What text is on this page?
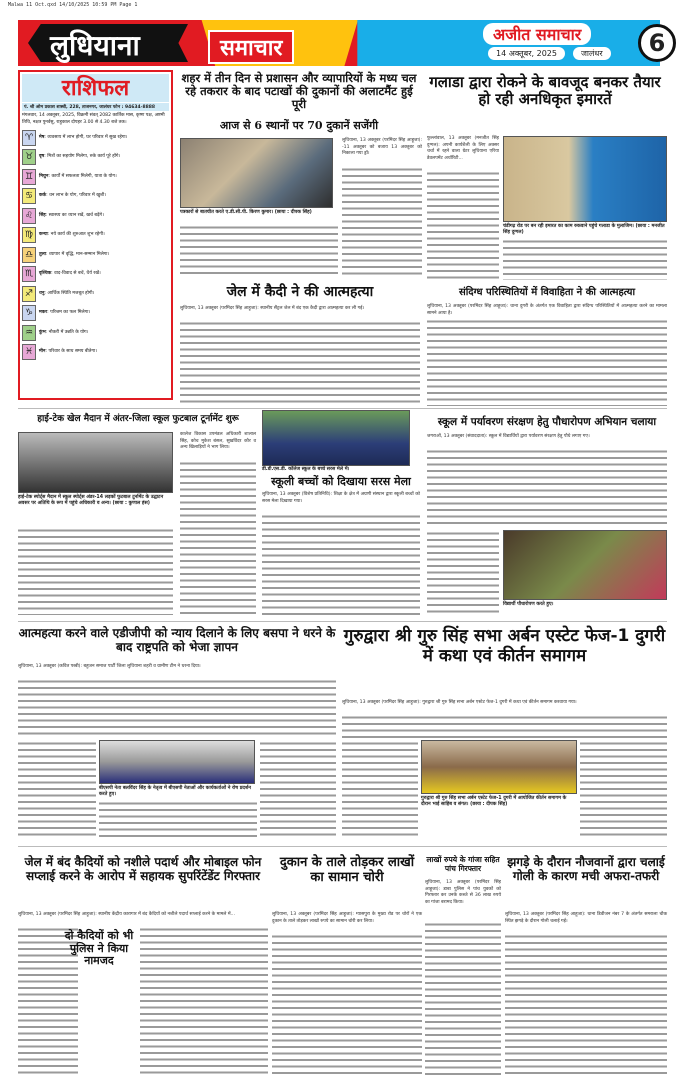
Malwa 11 Oct.qxd 14/10/2025 10:59 PM Page 1
लुधियाना	समाचार
अजीत समाचार
14 अक्तूबर, 2025	जालंधर	6
राशिफल
पं. श्री ओम प्रकाश शास्त्री, 228, ताजनगर, जालंधर फोन : 94634-8888
मंगलवार, 14 अक्तूबर, 2025, विक्रमी संवत् 2082 कार्तिक मास, कृष्ण पक्ष, अष्टमी तिथि, नक्षत्र पुनर्वसु, राहुकाल दोपहर 3.00 से 4.30 बजे तक।
♈	मेष: व्यवसाय में लाभ होगी, घर परिवार में सुख रहेगा।
♉	वृष: मित्रों का सहयोग मिलेगा, रुके कार्य पूरे होंगे।
♊	मिथुन: कार्यों में सफलता मिलेगी, यात्रा के योग।
♋	कर्क: धन लाभ के योग, परिवार में खुशी।
♌	सिंह: स्वास्थ्य का ध्यान रखें, खर्च बढ़ेंगे।
♍	कन्या: नये कार्य की शुरुआत शुभ रहेगी।
♎	तुला: व्यापार में वृद्धि, मान-सम्मान मिलेगा।
♏	वृश्चिक: वाद-विवाद से बचें, धैर्य रखें।
♐	धनु: आर्थिक स्थिति मजबूत होगी।
♑	मकर: परिश्रम का फल मिलेगा।
♒	कुंभ: नौकरी में उन्नति के योग।
♓	मीन: परिवार के साथ समय बीतेगा।
शहर में तीन दिन से प्रशासन और व्यापारियों के मध्य चल रहे तकरार के बाद पटाखों की दुकानों की अलाटमैंट हुई पूरी
आज से 6 स्थानों पर 70 दुकानें सजेंगी
पत्रकारों से बातचीत करते ए.डी.सी.पी. किरण कुमार। (छाया : दीपक सिंह)
लुधियाना, 13 अक्तूबर (परमिंदर सिंह आहूजा): -11 अक्तूबर को बजाय 13 अक्तूबर को निकाला गया ड्रॉ।
गलाडा द्वारा रोकने के बावजूद बनकर तैयार हो रही अनधिकृत इमारतें
फुल्लांवाल, 13 अक्तूबर (मनजीत सिंह दुग्गल): अपनी कार्यशैली के लिए अक्सर चर्चा में रहने वाला ग्रेटर लुधियाना एरिया डेवलपमेंट अथॉरिटी...
चंडीगढ़ रोड पर बन रही इमारत का काम रुकवाने पहुंचे गलाडा के मुलाजिम। (छाया : मनजीत सिंह दुग्गल)
जेल में कैदी ने की आत्महत्या
लुधियाना, 13 अक्तूबर (परमिंदर सिंह आहूजा): स्थानीय सैंट्रल जेल में बंद एक कैदी द्वारा आत्महत्या कर ली गई।
संदिग्ध परिस्थितियों में विवाहिता ने की आत्महत्या
लुधियाना, 13 अक्तूबर (परमिंदर सिंह आहूजा): थाना दुगरी के अंतर्गत एक विवाहिता द्वारा संदिग्ध परिस्थितियों में आत्महत्या करने का मामला सामने आया है।
हाई-टेक खेल मैदान में अंतर-जिला स्कूल फुटबाल टूर्नामेंट शुरू
हाई-टेक स्पोर्ट्स मैदान में स्कूल स्पोर्ट्स अंडर-14 लड़कों फुटबाल टूर्नामेंट के उद्घाटन अवसर पर अतिथि के रूप में पहुंचे अधिकारी व अन्य। (छाया : कुणाल हंस)
कालेज विकास उपमंडल अधिकारी शालाल सिंह, कोच मुकेश बंसल, सुखविंदर कौर व अन्य खिलाड़ियों ने भाग लिया।
डी.डी.एस.डी. कॉलेज स्कूल के बच्चे सरस मेले में।
स्कूली बच्चों को दिखाया सरस मेला
लुधियाना, 13 अक्तूबर (विशेष प्रतिनिधि): शिक्षा के क्षेत्र में अग्रणी संस्थान द्वारा स्कूली बच्चों को सरस मेला दिखाया गया।
स्कूल में पर्यावरण संरक्षण हेतु पौधारोपण अभियान चलाया
जगराओं, 13 अक्तूबर (संवाददाता): स्कूल में विद्यार्थियों द्वारा पर्यावरण संरक्षण हेतु पौधे लगाए गए।
विद्यार्थी पौधारोपण करते हुए।
आत्महत्या करने वाले एडीजीपी को न्याय दिलाने के लिए बसपा ने धरने के बाद राष्ट्रपति को भेजा ज्ञापन
लुधियाना, 13 अक्तूबर (कवित पब्बी): बहुजन समाज पार्टी जिला लुधियाना शहरी व ग्रामीण टीम ने धरना दिया।
बीएसपी नेता बलविंदर सिंह के नेतृत्व में बीएसपी नेताओं और कार्यकर्ताओं ने रोष प्रदर्शन करते हुए।
गुरुद्वारा श्री गुरु सिंह सभा अर्बन एस्टेट फेज-1 दुगरी में कथा एवं कीर्तन समागम
लुधियाना, 13 अक्तूबर (परमिंदर सिंह आहूजा): गुरुद्वारा श्री गुरु सिंह सभा अर्बन एस्टेट फेज-1 दुगरी में कथा एवं कीर्तन समागम करवाया गया।
गुरुद्वारा श्री गुरु सिंह सभा अर्बन एस्टेट फेज-1 दुगरी में आयोजित कीर्तन समागम के दौरान भाई साहिब व संगत। (छाया : दीपक सिंह)
जेल में बंद कैदियों को नशीले पदार्थ और मोबाइल फोन सप्लाई करने के आरोप में सहायक सुपरिंटेंडेंट गिरफ्तार
लुधियाना, 13 अक्तूबर (परमिंदर सिंह आहूजा): स्थानीय केंद्रीय कारागार में बंद कैदियों को नशीले पदार्थ सप्लाई करने के मामले में...
दो कैदियों को भी पुलिस ने किया नामजद
दुकान के ताले तोड़कर लाखों का सामान चोरी
लुधियाना, 13 अक्तूबर (परमिंदर सिंह आहूजा): ग्यासपुरा के मुख्य रोड पर चोरों ने एक दुकान के ताले तोड़कर लाखों रुपये का सामान चोरी कर लिया।
लाखों रुपये के गांजा सहित पांच गिरफ्तार
लुधियाना, 13 अक्तूबर (परमिंदर सिंह आहूजा): डाबा पुलिस ने पांच युवकों को गिरफ्तार कर उनके कब्जे से 36 लाख रुपये का गांजा बरामद किया।
झगड़े के दौरान नौजवानों द्वारा चलाई गोली के कारण मची अफरा-तफरी
लुधियाना, 13 अक्तूबर (परमिंदर सिंह आहूजा): थाना डिवीजन नंबर 7 के अंतर्गत समराला चौक स्थित झगड़े के दौरान गोली चलाई गई।
